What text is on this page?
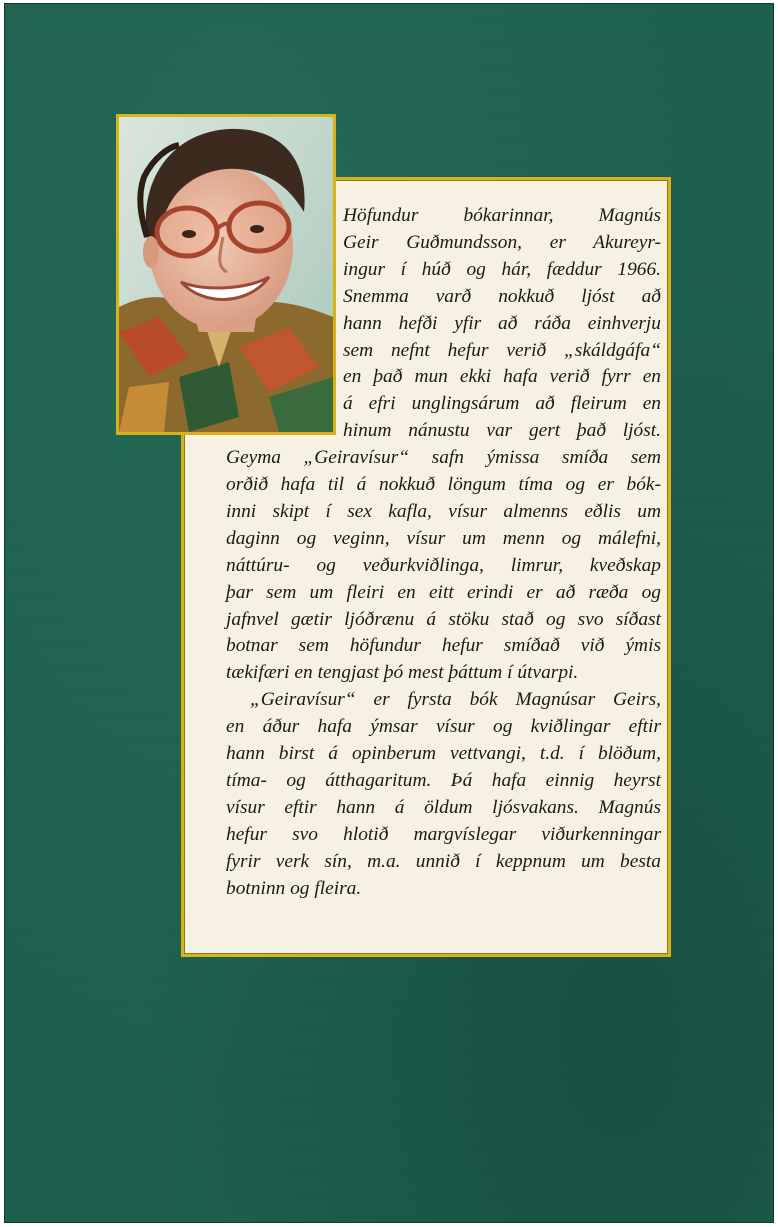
Höfundur bókarinnar, Magnús
Geir Guðmundsson, er Akureyr-
ingur í húð og hár, fæddur 1966.
Snemma varð nokkuð ljóst að
hann hefði yfir að ráða einhverju
sem nefnt hefur verið „skáldgáfa“
en það mun ekki hafa verið fyrr en
á efri unglingsárum að fleirum en
hinum nánustu var gert það ljóst.
Geyma „Geiravísur“ safn ýmissa smíða sem
orðið hafa til á nokkuð löngum tíma og er bók-
inni skipt í sex kafla, vísur almenns eðlis um
daginn og veginn, vísur um menn og málefni,
náttúru- og veðurkviðlinga, limrur, kveðskap
þar sem um fleiri en eitt erindi er að ræða og
jafnvel gætir ljóðrænu á stöku stað og svo síðast
botnar sem höfundur hefur smíðað við ýmis
tækifæri en tengjast þó mest þáttum í útvarpi.
„Geiravísur“ er fyrsta bók Magnúsar Geirs,
en áður hafa ýmsar vísur og kviðlingar eftir
hann birst á opinberum vettvangi, t.d. í blöðum,
tíma- og átthagaritum. Þá hafa einnig heyrst
vísur eftir hann á öldum ljósvakans. Magnús
hefur svo hlotið margvíslegar viðurkenningar
fyrir verk sín, m.a. unnið í keppnum um besta
botninn og fleira.
